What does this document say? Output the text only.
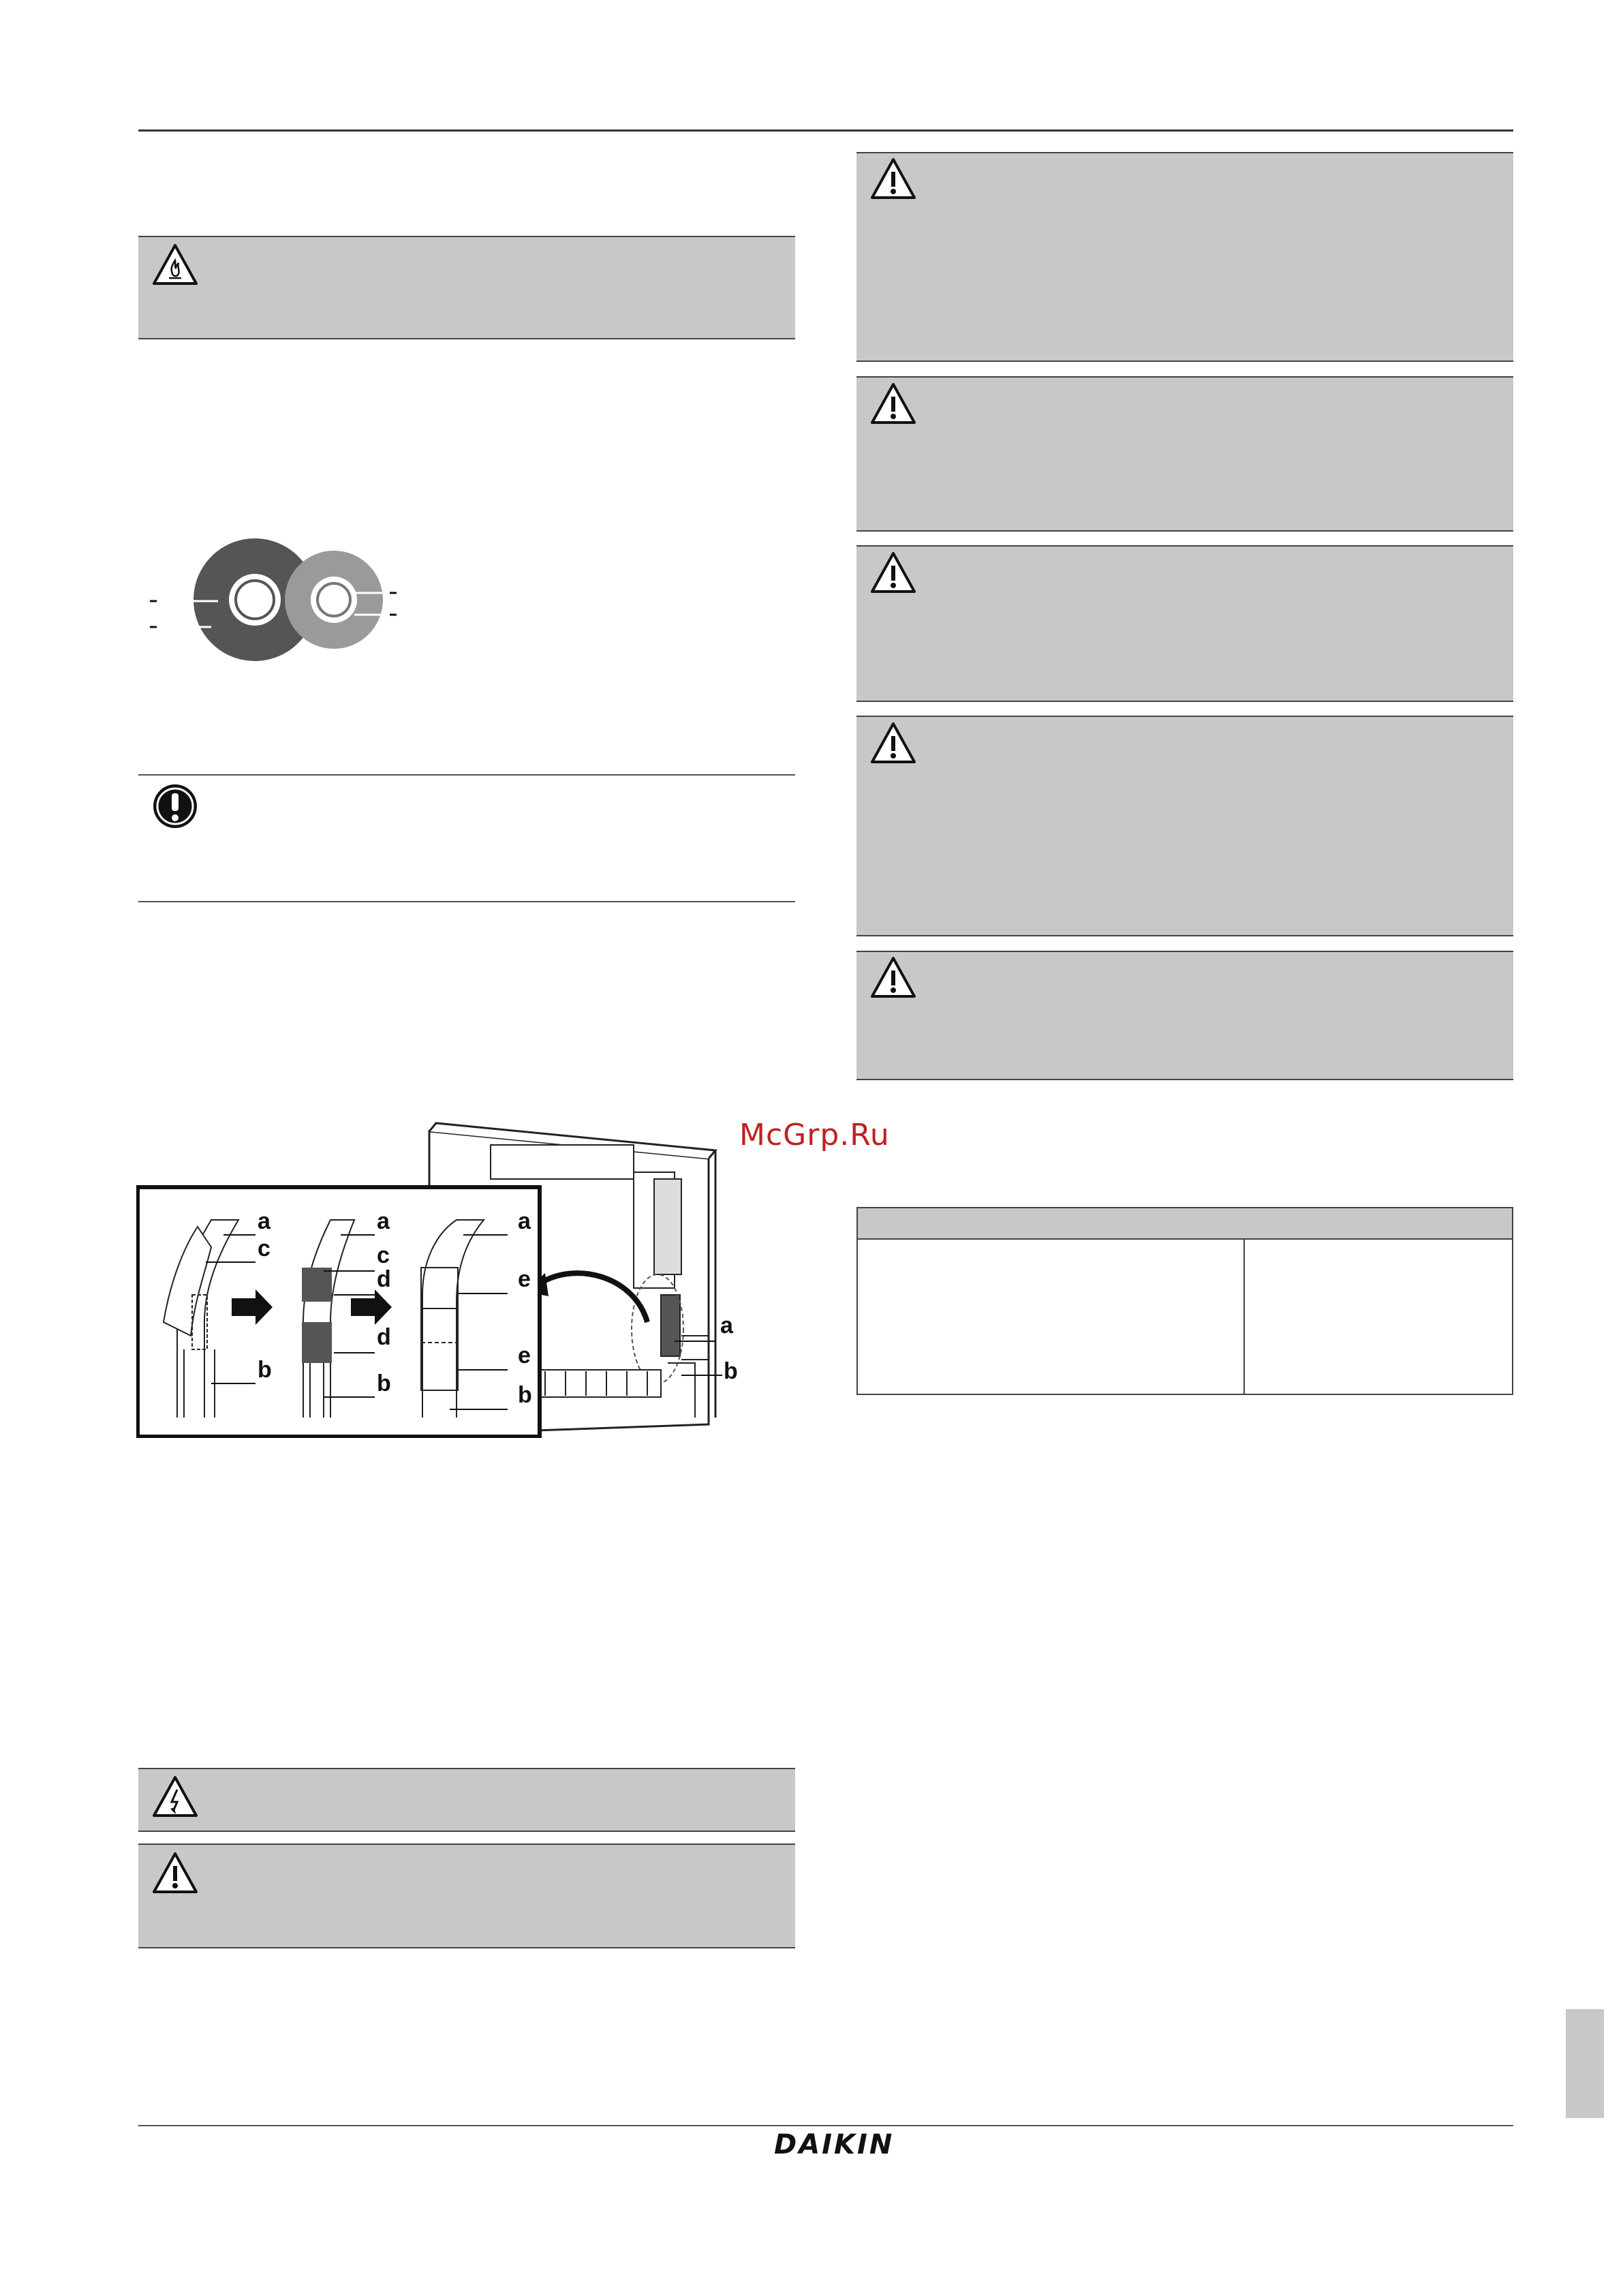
a
c
b
a
c
d
d
b
a
e
e
b
a
b
McGrp.Ru
DAIKIN
